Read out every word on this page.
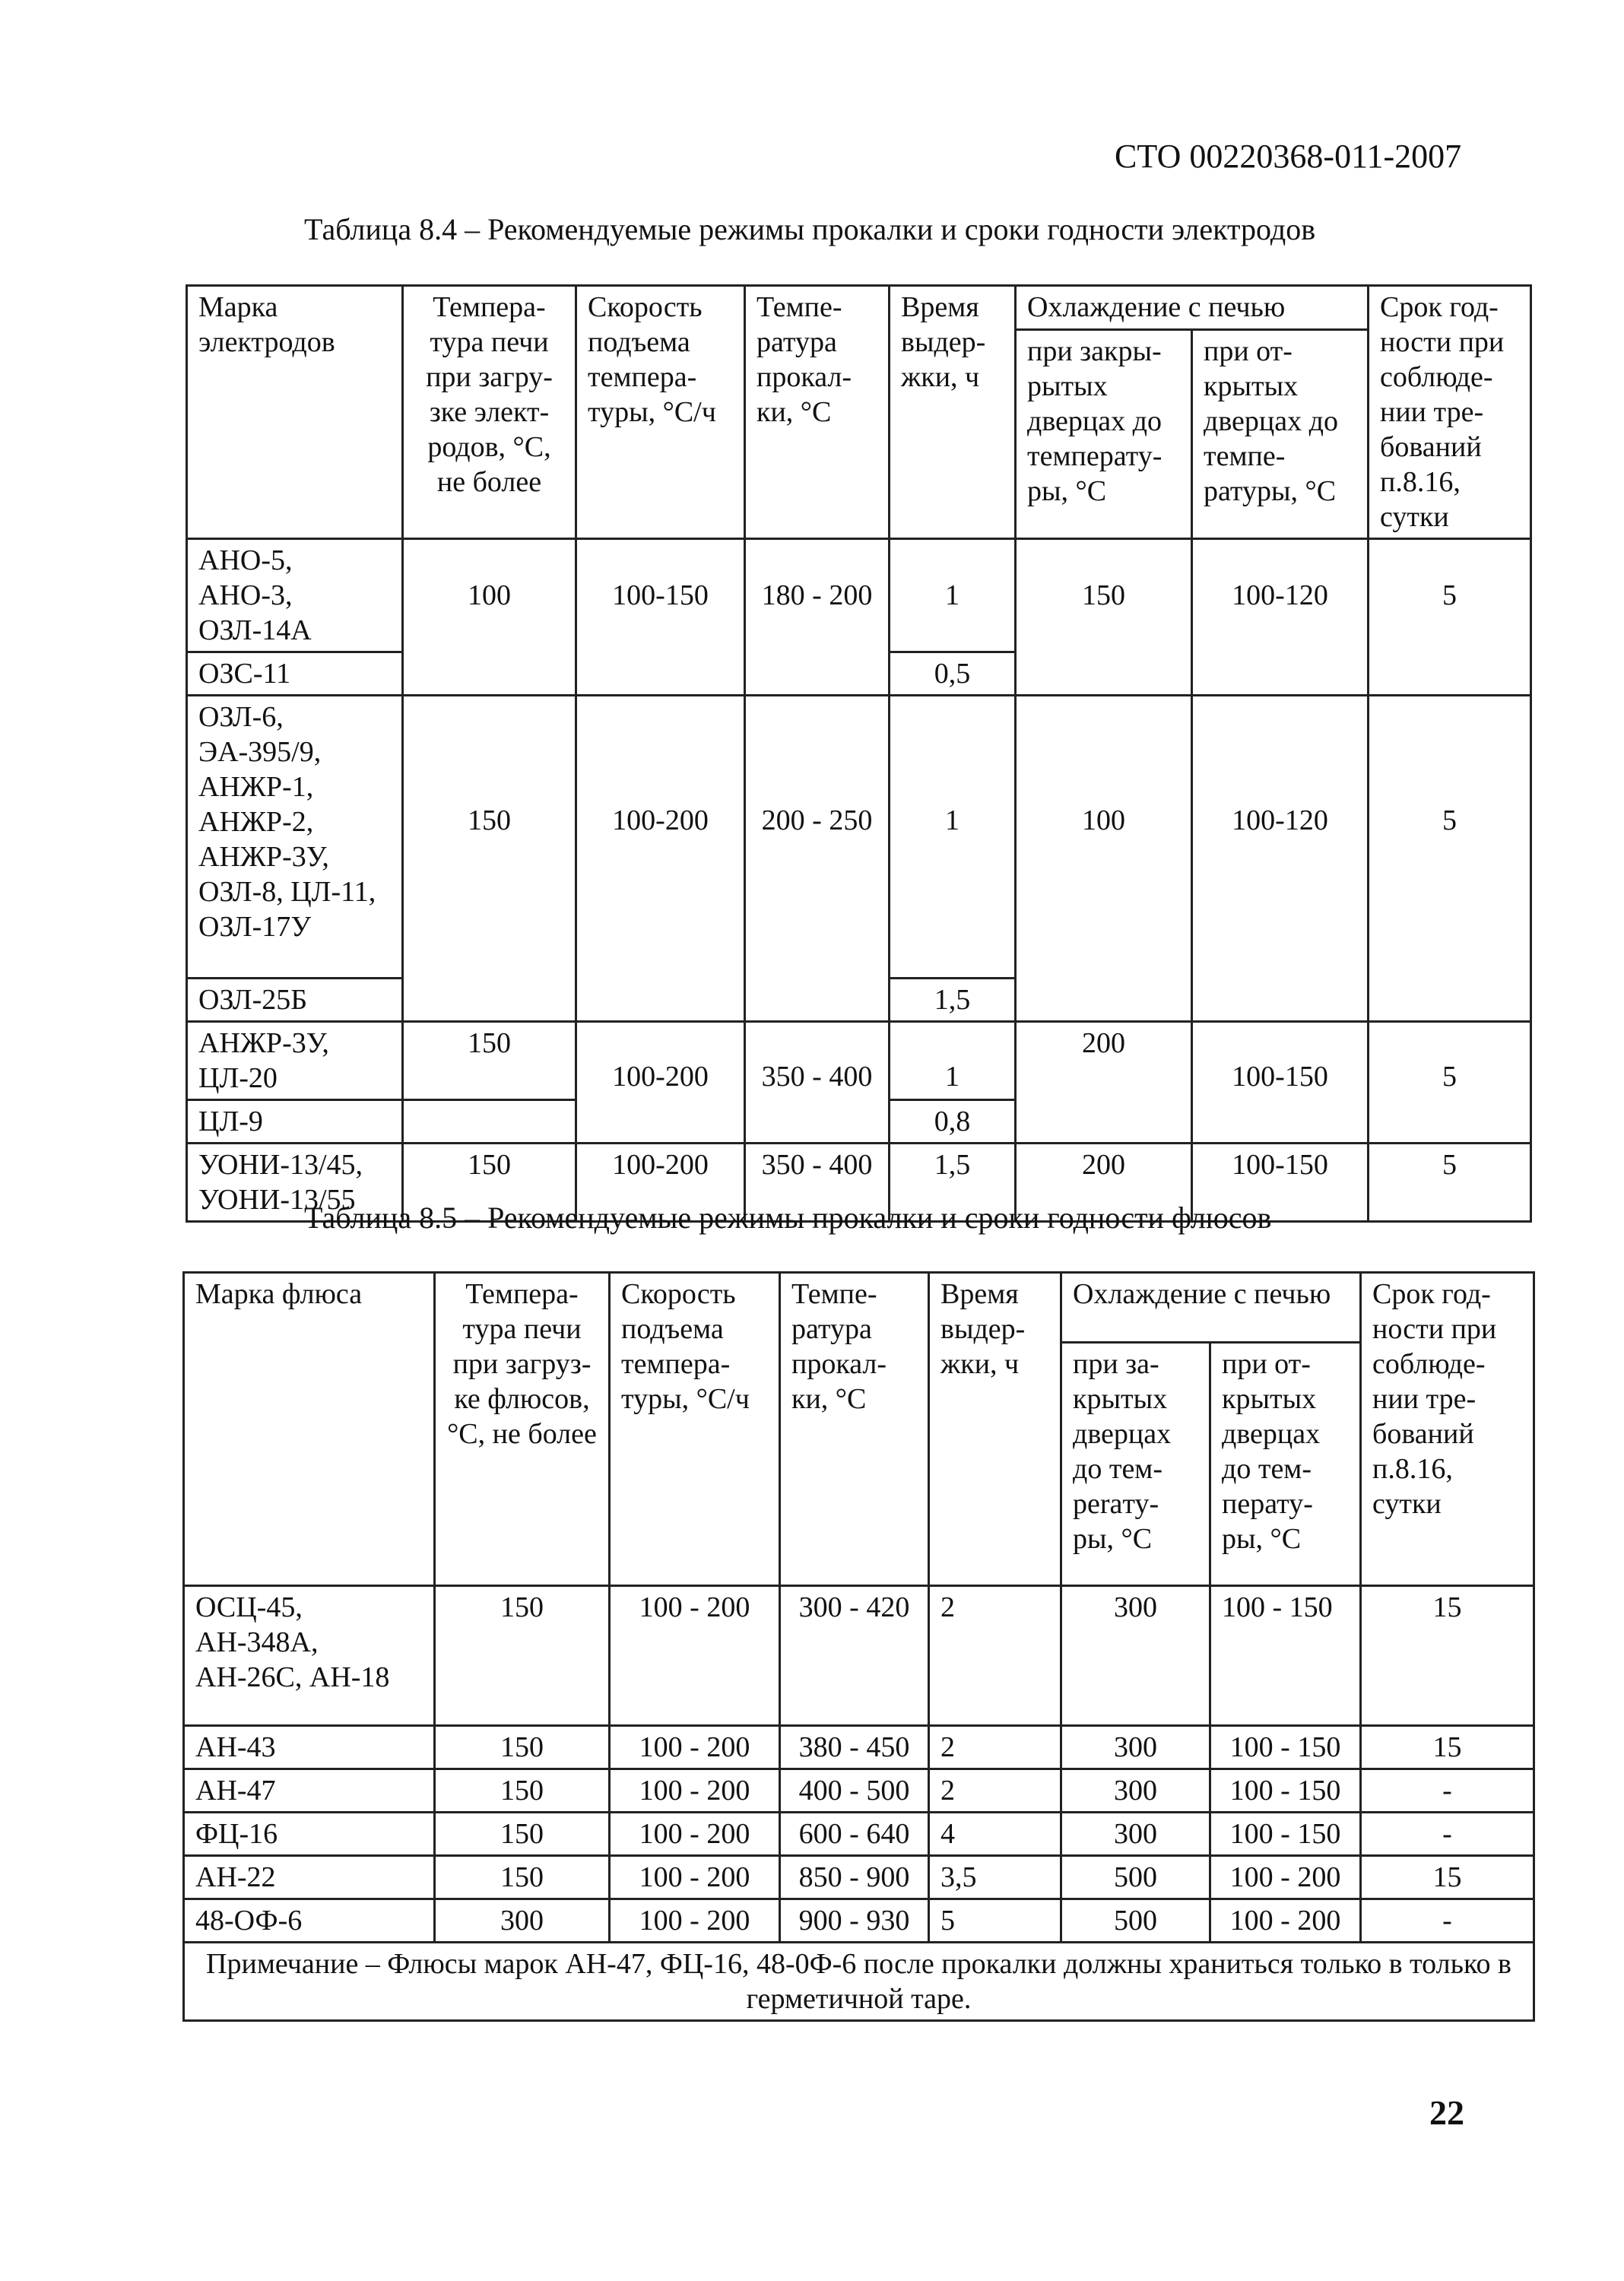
СТО 00220368-011-2007
Таблица 8.4 – Рекомендуемые режимы прокалки и сроки годности электродов
Марка электродов	Темпера-тура печи при загру-зке элект-родов, °С, не более	Скорость подъема темпера-туры, °С/ч	Темпе-ратура прокал-ки, °С	Время выдер-жки, ч	Охлаждение с печью		Срок год-ности при соблюде-нии тре-бований п.8.16, сутки
					при закры-рытых дверцах до температу-ры, °С	при от-крытых дверцах до темпе-ратуры, °С	
АНО-5, АНО-3, ОЗЛ-14А	100	100-150	180 - 200	1	150	100-120	5
ОЗС-11				0,5			
ОЗЛ-6, ЭА-395/9, АНЖР-1, АНЖР-2, АНЖР-3У, ОЗЛ-8, ЦЛ-11, ОЗЛ-17У	150	100-200	200 - 250	1	100	100-120	5
ОЗЛ-25Б				1,5			
АНЖР-3У, ЦЛ-20	150	100-200	350 - 400	1	200	100-150	5
ЦЛ-9				0,8			
УОНИ-13/45, УОНИ-13/55	150	100-200	350 - 400	1,5	200	100-150	5
Таблица 8.5 – Рекомендуемые режимы прокалки и сроки годности флюсов
Марка флюса	Темпера-тура печи при загруз-ке флюсов, °С, не более	Скорость подъема темпера-туры, °С/ч	Темпе-ратура прокал-ки, °С	Время выдер-жки, ч	Охлаждение с печью		Срок год-ности при соблюде-нии тре-бований п.8.16, сутки
					при за-крытых дверцах до тем-peraту-ры, °С	при от-крытых дверцах до тем-перату-ры, °С	
ОСЦ-45, АН-348А, АН-26С, АН-18	150	100 - 200	300 - 420	2	300	100 - 150	15
АН-43	150	100 - 200	380 - 450	2	300	100 - 150	15
АН-47	150	100 - 200	400 - 500	2	300	100 - 150	-
ФЦ-16	150	100 - 200	600 - 640	4	300	100 - 150	-
АН-22	150	100 - 200	850 - 900	3,5	500	100 - 200	15
48-ОФ-6	300	100 - 200	900 - 930	5	500	100 - 200	-
Примечание – Флюсы марок АН-47, ФЦ-16, 48-0Ф-6 после прокалки должны храниться только в только в герметичной таре.							
22
